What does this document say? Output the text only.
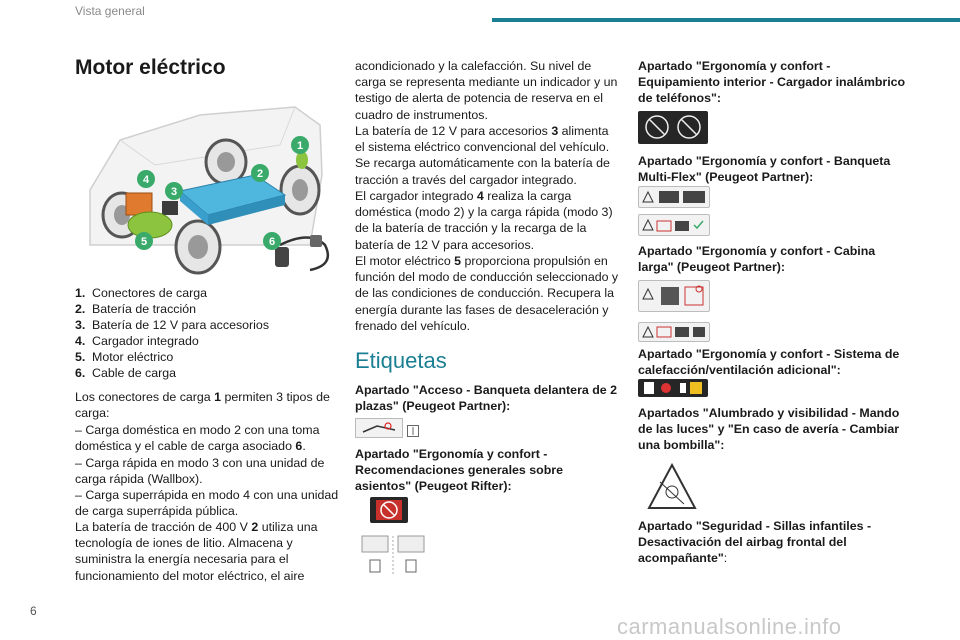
Vista general
Motor eléctrico
1
2
3
4
5	6
1. Conectores de carga
2. Batería de tracción
3. Batería de 12 V para accesorios
4. Cargador integrado
5. Motor eléctrico
6. Cable de carga

Los conectores de carga 1 permiten 3 tipos de carga:

– Carga doméstica en modo 2 con una toma doméstica y el cable de carga asociado 6.

– Carga rápida en modo 3 con una unidad de carga rápida (Wallbox).

– Carga superrápida en modo 4 con una unidad de carga superrápida pública.

La batería de tracción de 400 V 2 utiliza una tecnología de iones de litio. Almacena y suministra la energía necesaria para el funcionamiento del motor eléctrico, el aire

acondicionado y la calefacción. Su nivel de carga se representa mediante un indicador y un testigo de alerta de potencia de reserva en el cuadro de instrumentos.

La batería de 12 V para accesorios 3 alimenta el sistema eléctrico convencional del vehículo. Se recarga automáticamente con la batería de tracción a través del cargador integrado.

El cargador integrado 4 realiza la carga doméstica (modo 2) y la carga rápida (modo 3) de la batería de tracción y la recarga de la batería de 12 V para accesorios.

El motor eléctrico 5 proporciona propulsión en función del modo de conducción seleccionado y de las condiciones de conducción. Recupera la energía durante las fases de desaceleración y frenado del vehículo.

Etiquetas

Apartado "Acceso - Banqueta delantera de 2 plazas" (Peugeot Partner):

Apartado "Ergonomía y confort - Recomendaciones generales sobre asientos" (Peugeot Rifter):

Apartado "Ergonomía y confort - Equipamiento interior - Cargador inalámbrico de teléfonos":

Apartado "Ergonomía y confort - Banqueta Multi-Flex" (Peugeot Partner):

Apartado "Ergonomía y confort - Cabina larga" (Peugeot Partner):

Apartado "Ergonomía y confort - Sistema de calefacción/ventilación adicional":

Apartados "Alumbrado y visibilidad - Mando de las luces" y "En caso de avería - Cambiar una bombilla":

Apartado "Seguridad - Sillas infantiles - Desactivación del airbag frontal del acompañante":

6
carmanualsonline.info
